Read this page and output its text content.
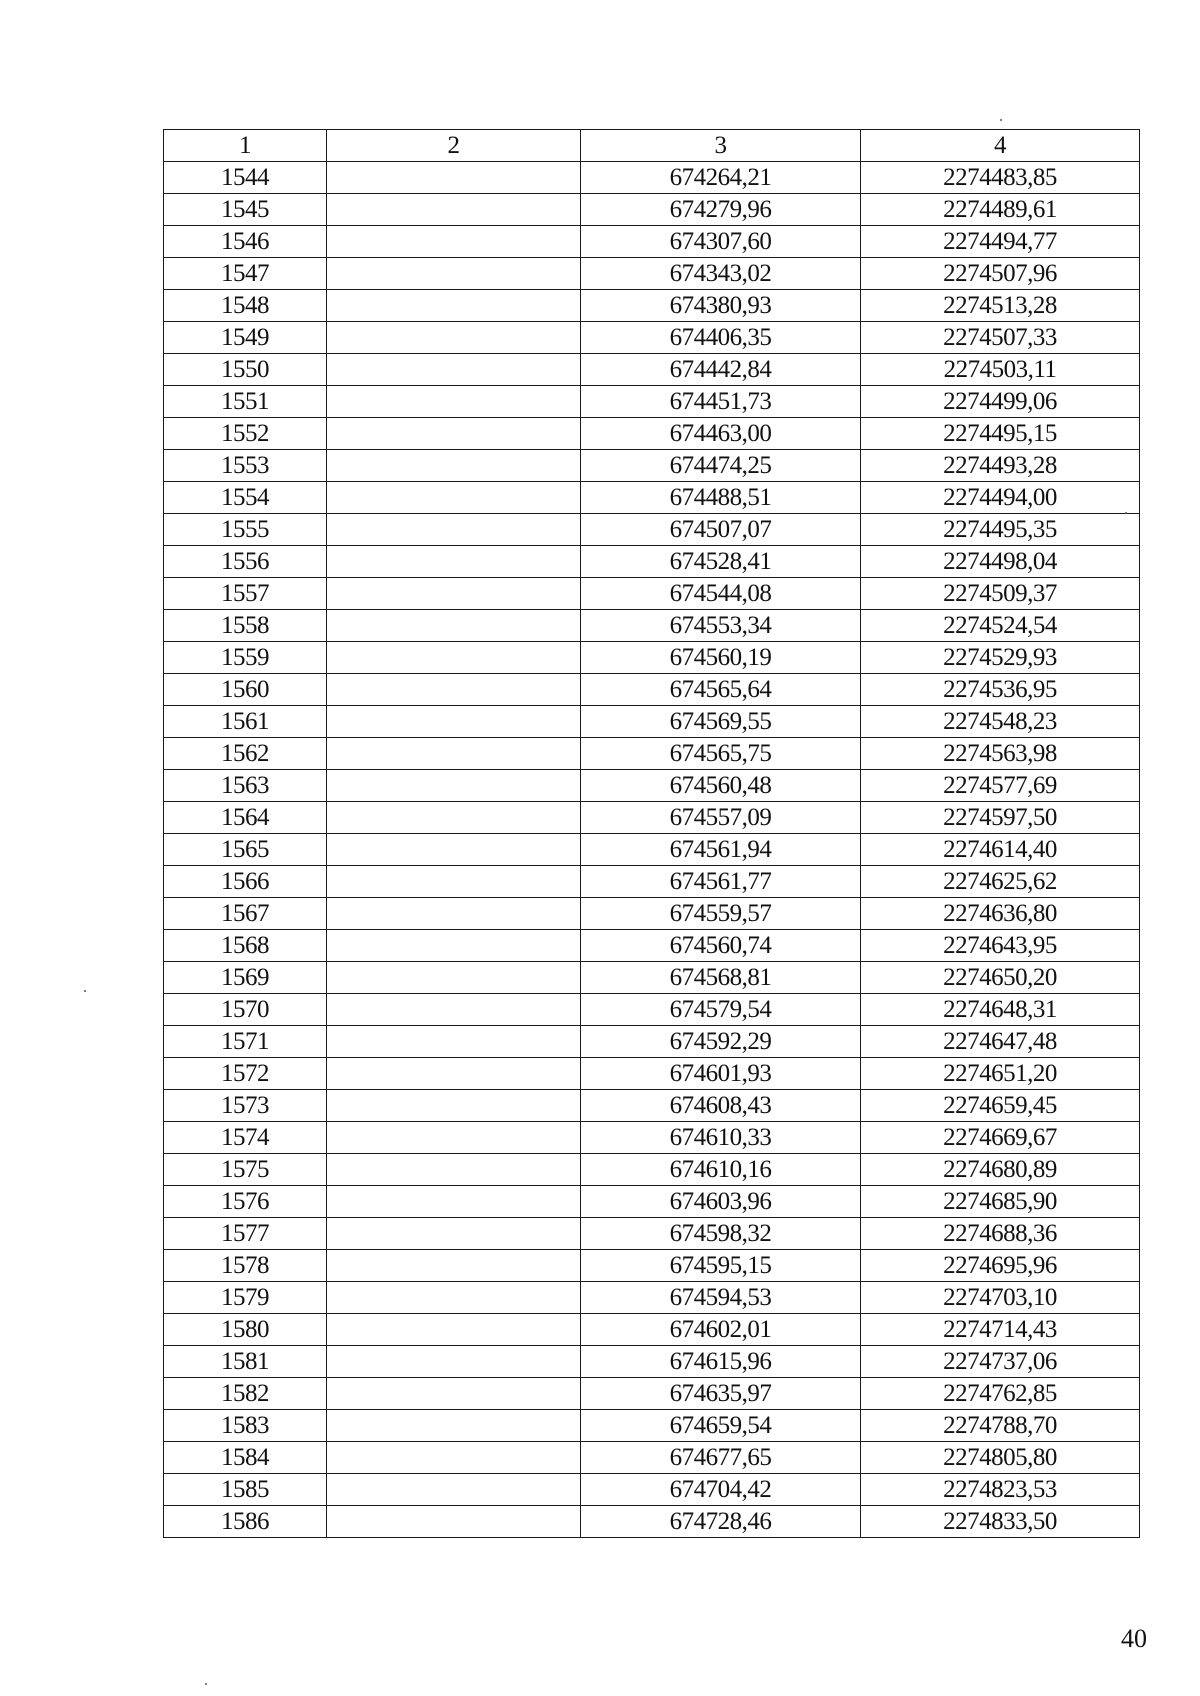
1	2	3	4
1544		674264,21	2274483,85
1545		674279,96	2274489,61
1546		674307,60	2274494,77
1547		674343,02	2274507,96
1548		674380,93	2274513,28
1549		674406,35	2274507,33
1550		674442,84	2274503,11
1551		674451,73	2274499,06
1552		674463,00	2274495,15
1553		674474,25	2274493,28
1554		674488,51	2274494,00
1555		674507,07	2274495,35
1556		674528,41	2274498,04
1557		674544,08	2274509,37
1558		674553,34	2274524,54
1559		674560,19	2274529,93
1560		674565,64	2274536,95
1561		674569,55	2274548,23
1562		674565,75	2274563,98
1563		674560,48	2274577,69
1564		674557,09	2274597,50
1565		674561,94	2274614,40
1566		674561,77	2274625,62
1567		674559,57	2274636,80
1568		674560,74	2274643,95
1569		674568,81	2274650,20
1570		674579,54	2274648,31
1571		674592,29	2274647,48
1572		674601,93	2274651,20
1573		674608,43	2274659,45
1574		674610,33	2274669,67
1575		674610,16	2274680,89
1576		674603,96	2274685,90
1577		674598,32	2274688,36
1578		674595,15	2274695,96
1579		674594,53	2274703,10
1580		674602,01	2274714,43
1581		674615,96	2274737,06
1582		674635,97	2274762,85
1583		674659,54	2274788,70
1584		674677,65	2274805,80
1585		674704,42	2274823,53
1586		674728,46	2274833,50
40
